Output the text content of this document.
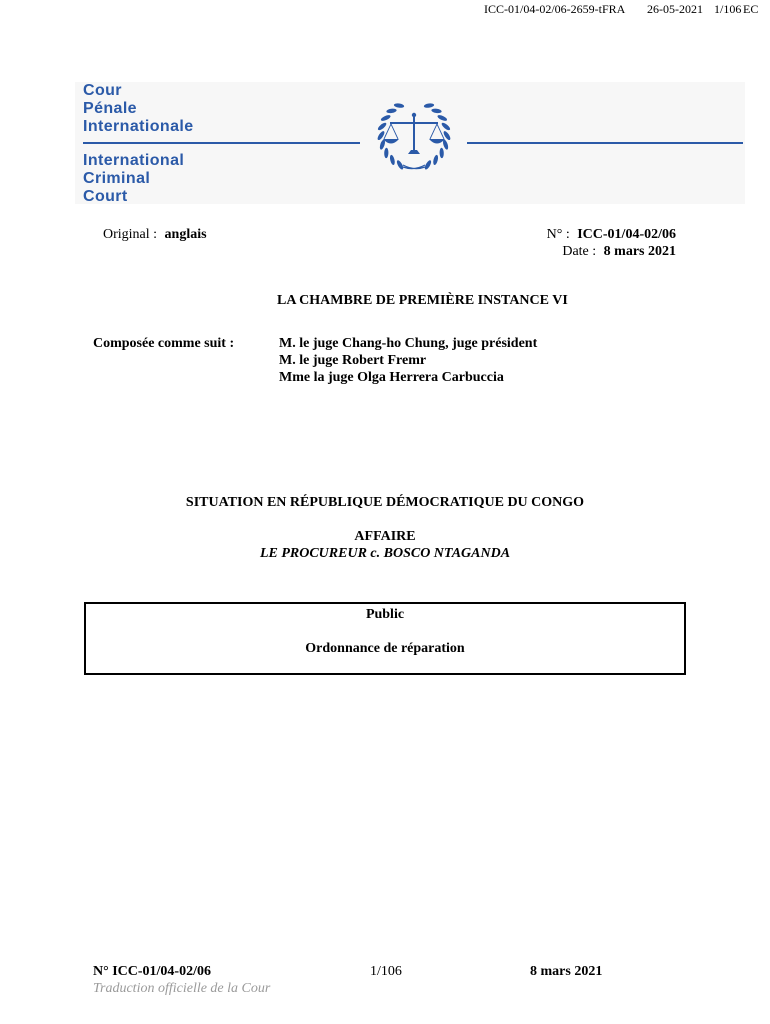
ICC-01/04-02/06-2659-tFRA 26-05-2021 1/106 EC
Cour
Pénale
Internationale
International
Criminal
Court
Original : anglais	N° : ICC-01/04-02/06
Date : 8 mars 2021
LA CHAMBRE DE PREMIÈRE INSTANCE VI
Composée comme suit :	M. le juge Chang-ho Chung, juge président
M. le juge Robert Fremr
Mme la juge Olga Herrera Carbuccia
SITUATION EN RÉPUBLIQUE DÉMOCRATIQUE DU CONGO
AFFAIRE
LE PROCUREUR c. BOSCO NTAGANDA
Public
Ordonnance de réparation
N° ICC-01/04-02/06	1/106	8 mars 2021
Traduction officielle de la Cour
